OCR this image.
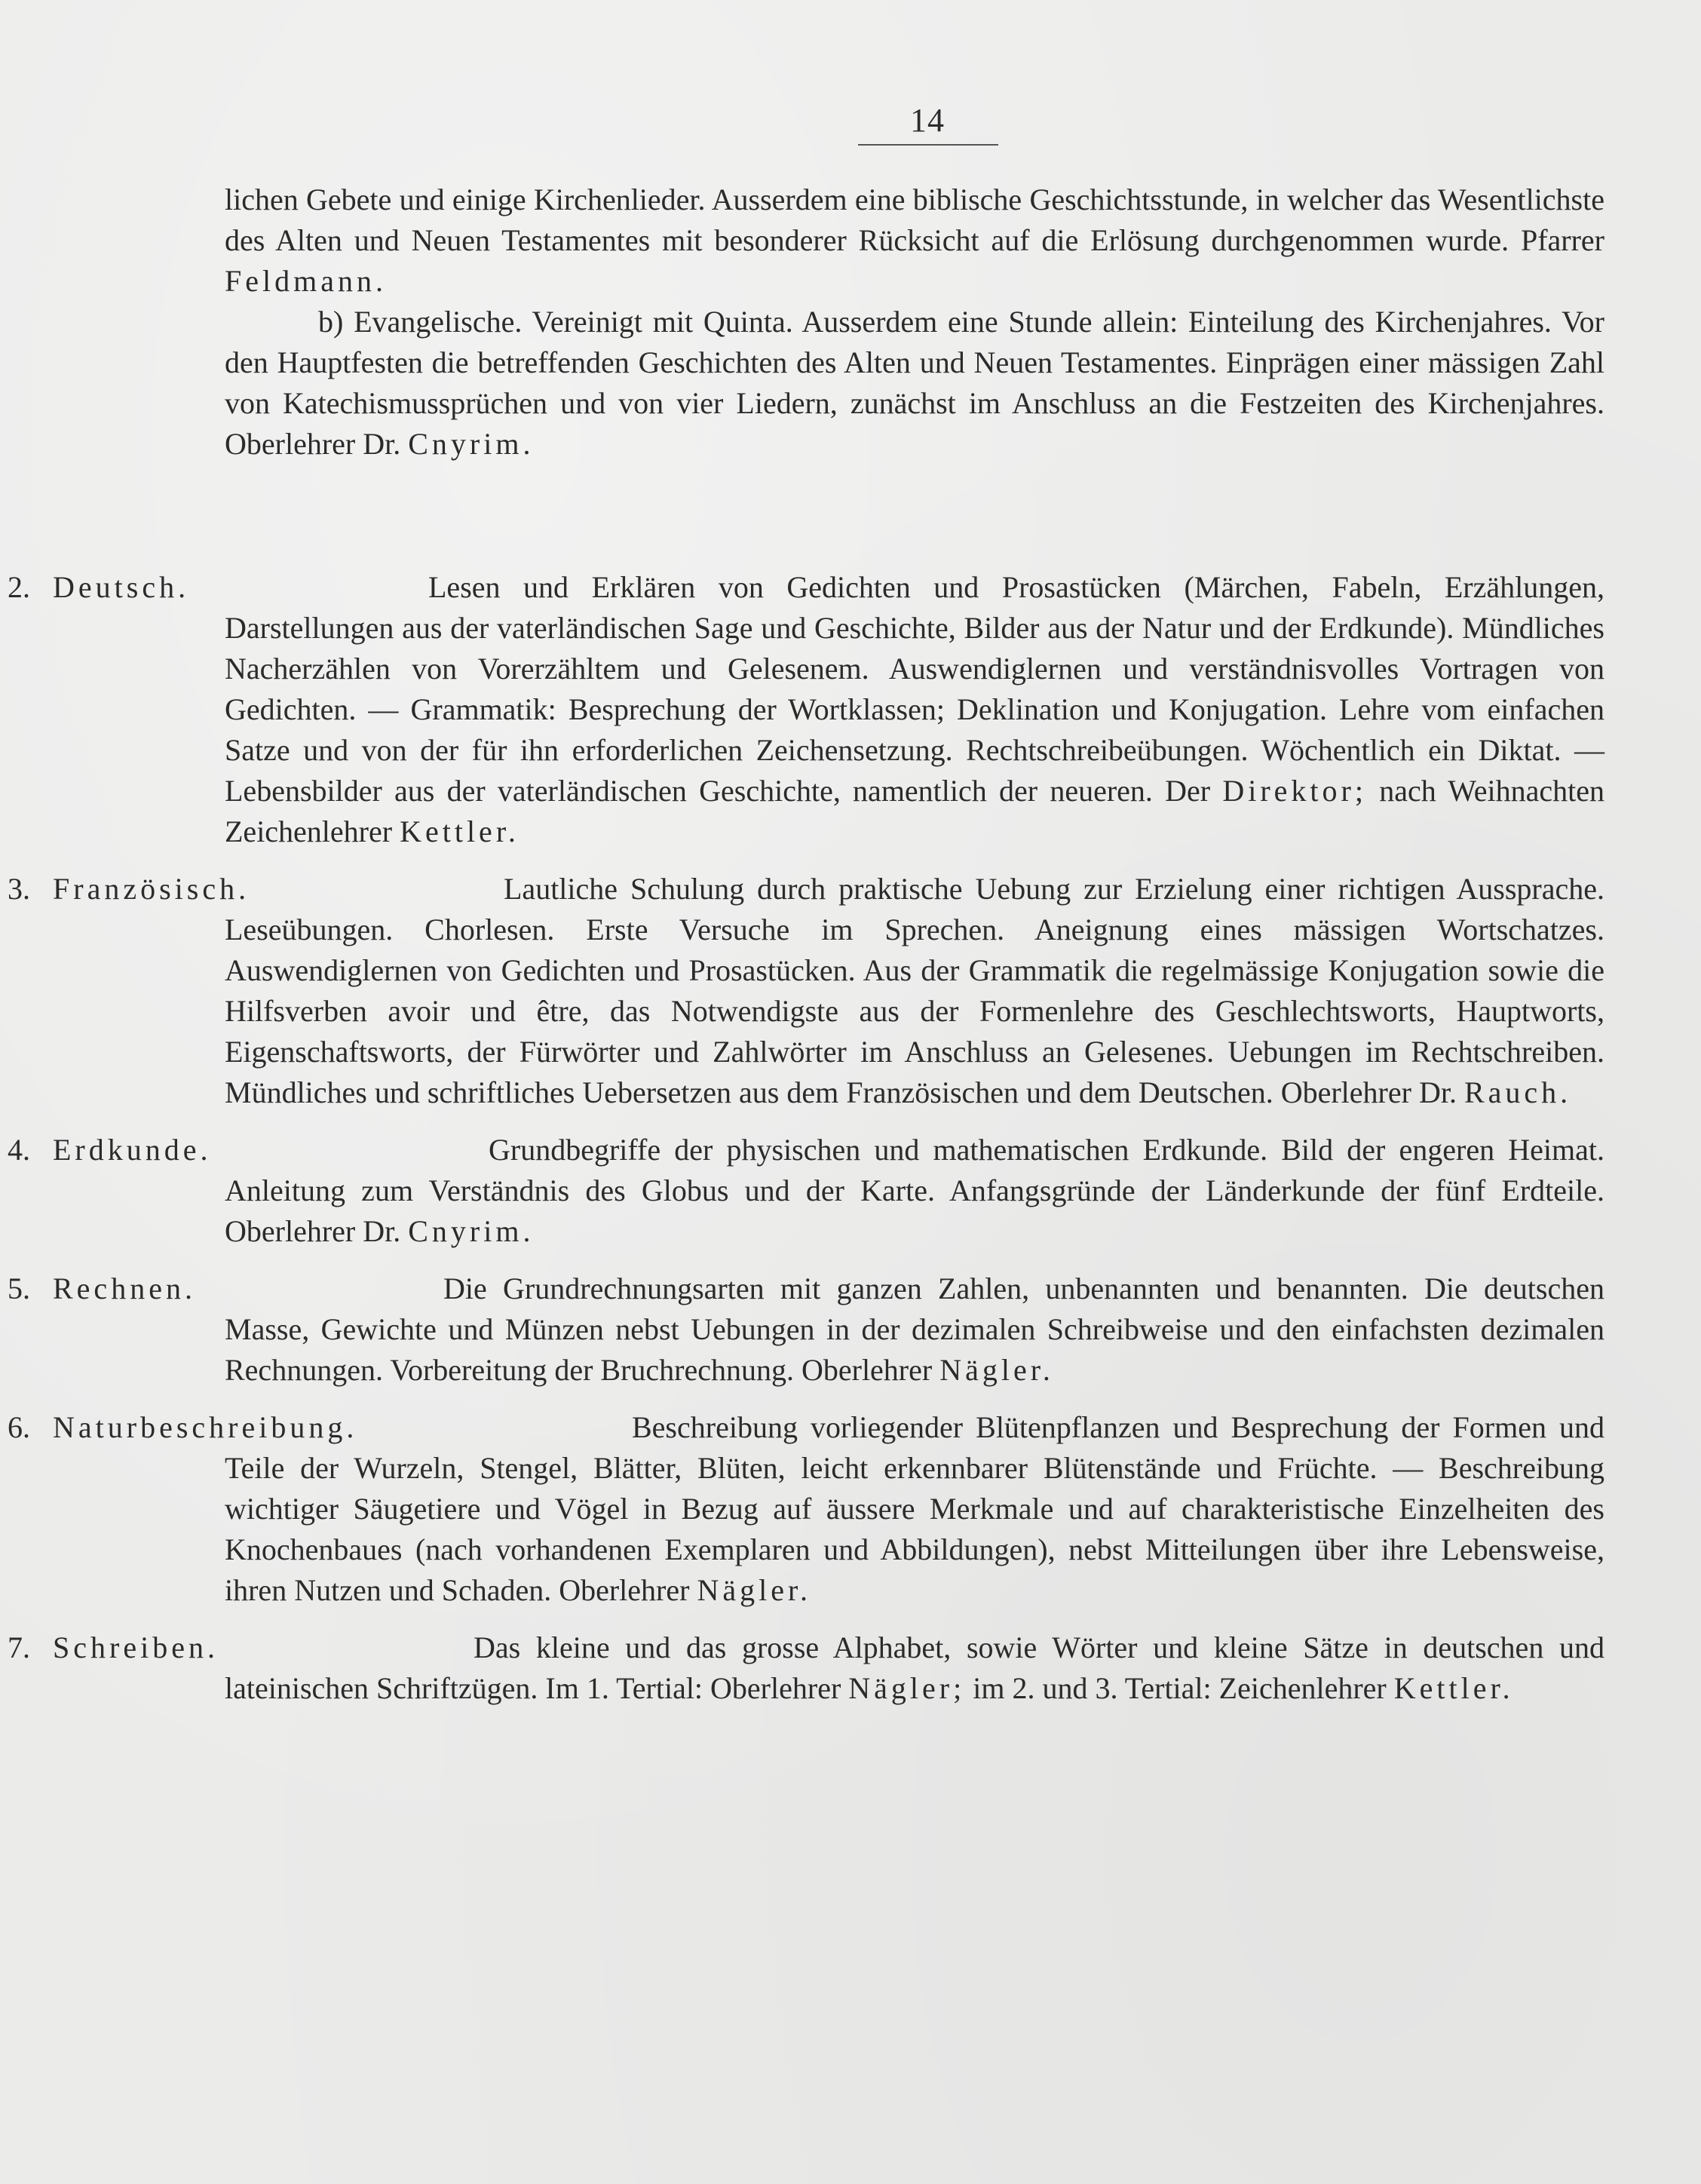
14

lichen Gebete und einige Kirchenlieder. Ausserdem eine biblische Geschichtsstunde, in welcher das Wesentlichste des Alten und Neuen Testamentes mit besonderer Rücksicht auf die Erlösung durchgenommen wurde. Pfarrer Feldmann.

b) Evangelische. Vereinigt mit Quinta. Ausserdem eine Stunde allein: Einteilung des Kirchenjahres. Vor den Hauptfesten die betreffenden Geschichten des Alten und Neuen Testamentes. Einprägen einer mässigen Zahl von Katechismussprüchen und von vier Liedern, zunächst im Anschluss an die Festzeiten des Kirchenjahres. Oberlehrer Dr. Cnyrim.

2. Deutsch.	Lesen und Erklären von Gedichten und Prosastücken (Märchen, Fabeln, Erzählungen, Darstellungen aus der vaterländischen Sage und Geschichte, Bilder aus der Natur und der Erdkunde). Mündliches Nacherzählen von Vorerzähltem und Gelesenem. Auswendiglernen und verständnisvolles Vortragen von Gedichten. — Grammatik: Besprechung der Wortklassen; Deklination und Konjugation. Lehre vom einfachen Satze und von der für ihn erforderlichen Zeichensetzung. Rechtschreibeübungen. Wöchentlich ein Diktat. — Lebensbilder aus der vaterländischen Geschichte, namentlich der neueren. Der Direktor; nach Weihnachten Zeichenlehrer Kettler.

3. Französisch.	Lautliche Schulung durch praktische Uebung zur Erzielung einer richtigen Aussprache. Leseübungen. Chorlesen. Erste Versuche im Sprechen. Aneignung eines mässigen Wortschatzes. Auswendiglernen von Gedichten und Prosastücken. Aus der Grammatik die regelmässige Konjugation sowie die Hilfsverben avoir und être, das Notwendigste aus der Formenlehre des Geschlechtsworts, Hauptworts, Eigenschaftsworts, der Fürwörter und Zahlwörter im Anschluss an Gelesenes. Uebungen im Rechtschreiben. Mündliches und schriftliches Uebersetzen aus dem Französischen und dem Deutschen. Oberlehrer Dr. Rauch.

4. Erdkunde.	Grundbegriffe der physischen und mathematischen Erdkunde. Bild der engeren Heimat. Anleitung zum Verständnis des Globus und der Karte. Anfangsgründe der Länderkunde der fünf Erdteile. Oberlehrer Dr. Cnyrim.

5. Rechnen.	Die Grundrechnungsarten mit ganzen Zahlen, unbenannten und benannten. Die deutschen Masse, Gewichte und Münzen nebst Uebungen in der dezimalen Schreibweise und den einfachsten dezimalen Rechnungen. Vorbereitung der Bruchrechnung. Oberlehrer Nägler.

6. Naturbeschreibung.	Beschreibung vorliegender Blütenpflanzen und Besprechung der Formen und Teile der Wurzeln, Stengel, Blätter, Blüten, leicht erkennbarer Blütenstände und Früchte. — Beschreibung wichtiger Säugetiere und Vögel in Bezug auf äussere Merkmale und auf charakteristische Einzelheiten des Knochenbaues (nach vorhandenen Exemplaren und Abbildungen), nebst Mitteilungen über ihre Lebensweise, ihren Nutzen und Schaden. Oberlehrer Nägler.

7. Schreiben.	Das kleine und das grosse Alphabet, sowie Wörter und kleine Sätze in deutschen und lateinischen Schriftzügen. Im 1. Tertial: Oberlehrer Nägler; im 2. und 3. Tertial: Zeichenlehrer Kettler.
